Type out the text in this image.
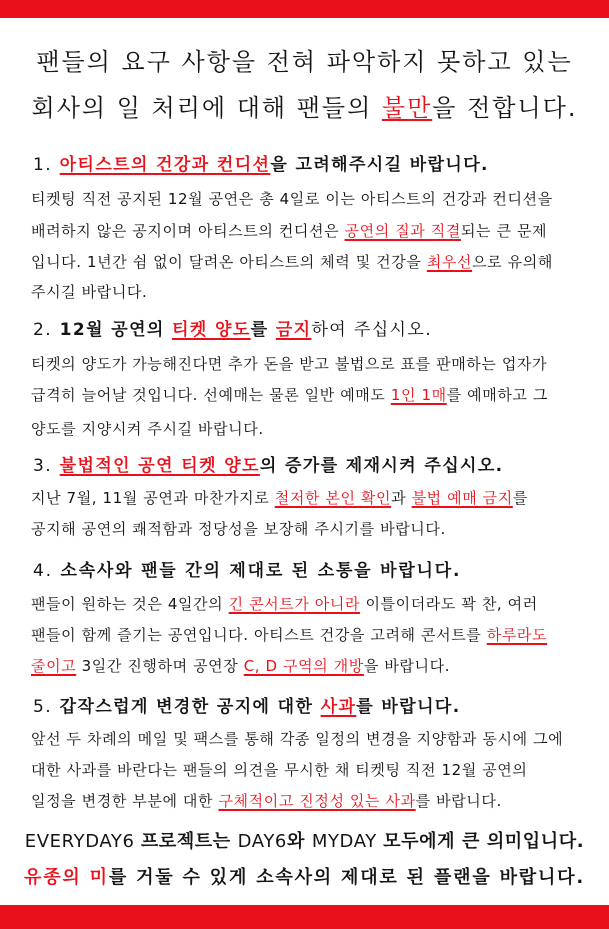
팬들의 요구 사항을 전혀 파악하지 못하고 있는
회사의 일 처리에 대해 팬들의 불만을 전합니다.
1. 아티스트의 건강과 컨디션을 고려해주시길 바랍니다.
티켓팅 직전 공지된 12월 공연은 총 4일로 이는 아티스트의 건강과 컨디션을
배려하지 않은 공지이며 아티스트의 컨디션은 공연의 질과 직결되는 큰 문제
입니다. 1년간 쉼 없이 달려온 아티스트의 체력 및 건강을 최우선으로 유의해
주시길 바랍니다.
2. 12월 공연의 티켓 양도를 금지하여 주십시오.
티켓의 양도가 가능해진다면 추가 돈을 받고 불법으로 표를 판매하는 업자가
급격히 늘어날 것입니다. 선예매는 물론 일반 예매도 1인 1매를 예매하고 그
양도를 지양시켜 주시길 바랍니다.
3. 불법적인 공연 티켓 양도의 증가를 제재시켜 주십시오.
지난 7월, 11월 공연과 마찬가지로 철저한 본인 확인과 불법 예매 금지를
공지해 공연의 쾌적함과 정당성을 보장해 주시기를 바랍니다.
4. 소속사와 팬들 간의 제대로 된 소통을 바랍니다.
팬들이 원하는 것은 4일간의 긴 콘서트가 아니라 이틀이더라도 꽉 찬, 여러
팬들이 함께 즐기는 공연입니다. 아티스트 건강을 고려해 콘서트를 하루라도
줄이고 3일간 진행하며 공연장 C, D 구역의 개방을 바랍니다.
5. 갑작스럽게 변경한 공지에 대한 사과를 바랍니다.
앞선 두 차례의 메일 및 팩스를 통해 각종 일정의 변경을 지양함과 동시에 그에
대한 사과를 바란다는 팬들의 의견을 무시한 채 티켓팅 직전 12월 공연의
일정을 변경한 부분에 대한 구체적이고 진정성 있는 사과를 바랍니다.
EVERYDAY6 프로젝트는 DAY6와 MYDAY 모두에게 큰 의미입니다.
유종의 미를 거둘 수 있게 소속사의 제대로 된 플랜을 바랍니다.
